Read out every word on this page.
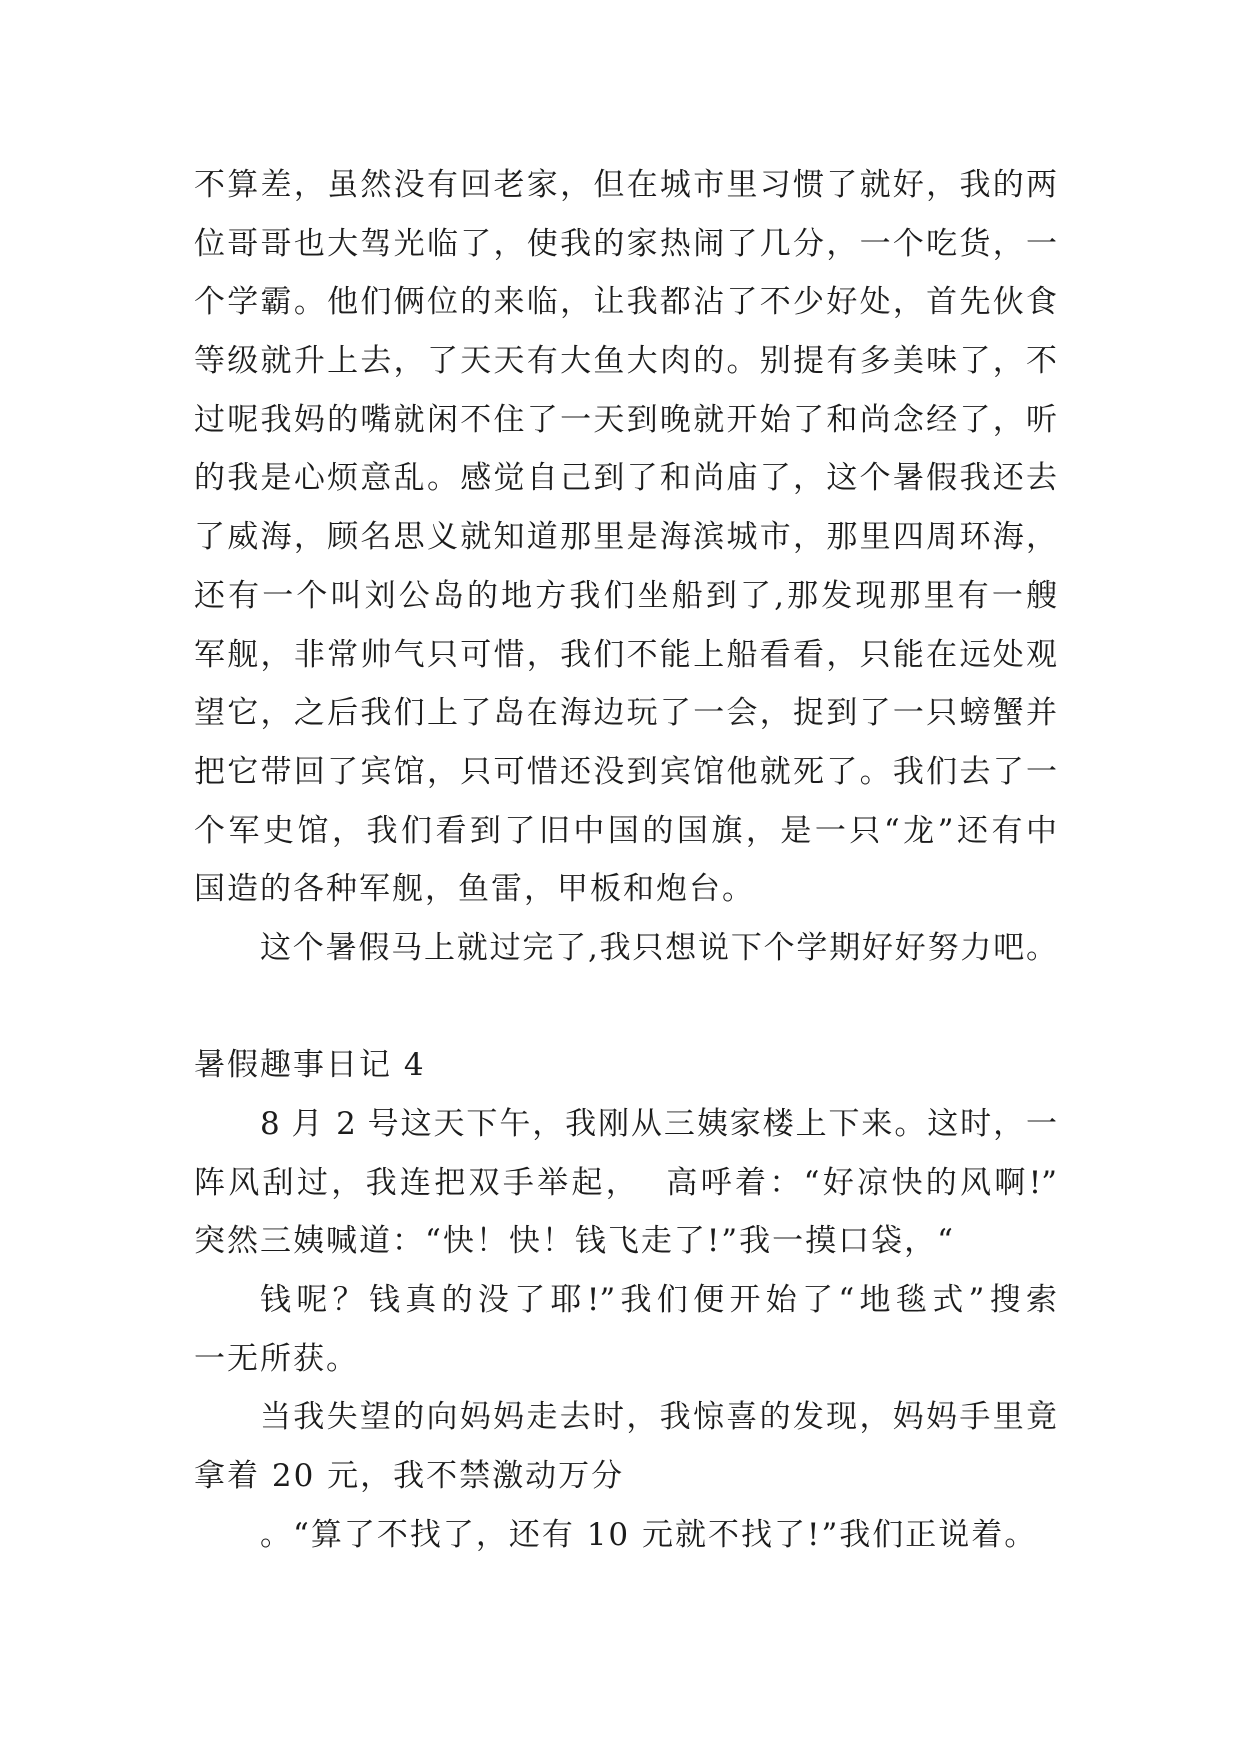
不算差，虽然没有回老家，但在城市里习惯了就好，我的两
位哥哥也大驾光临了，使我的家热闹了几分，一个吃货，一
个学霸。他们俩位的来临，让我都沾了不少好处，首先伙食
等级就升上去，了天天有大鱼大肉的。别提有多美味了，不
过呢我妈的嘴就闲不住了一天到晚就开始了和尚念经了，听
的我是心烦意乱。感觉自己到了和尚庙了，这个暑假我还去
了威海，顾名思义就知道那里是海滨城市，那里四周环海，
还有一个叫刘公岛的地方我们坐船到了,那发现那里有一艘
军舰，非常帅气只可惜，我们不能上船看看，只能在远处观
望它，之后我们上了岛在海边玩了一会，捉到了一只螃蟹并
把它带回了宾馆，只可惜还没到宾馆他就死了。我们去了一
个军史馆，我们看到了旧中国的国旗，是一只“龙”还有中
国造的各种军舰，鱼雷，甲板和炮台。
这个暑假马上就过完了,我只想说下个学期好好努力吧。
暑假趣事日记 4
8 月 2 号这天下午，我刚从三姨家楼上下来。这时，一
阵风刮过，我连把双手举起，  高呼着：“好凉快的风啊!”
突然三姨喊道：“快！快！钱飞走了!”我一摸口袋，“
钱呢？钱真的没了耶!”我们便开始了“地毯式”搜索
一无所获。
当我失望的向妈妈走去时，我惊喜的发现，妈妈手里竟
拿着 20 元，我不禁激动万分
。“算了不找了，还有 10 元就不找了!”我们正说着。
